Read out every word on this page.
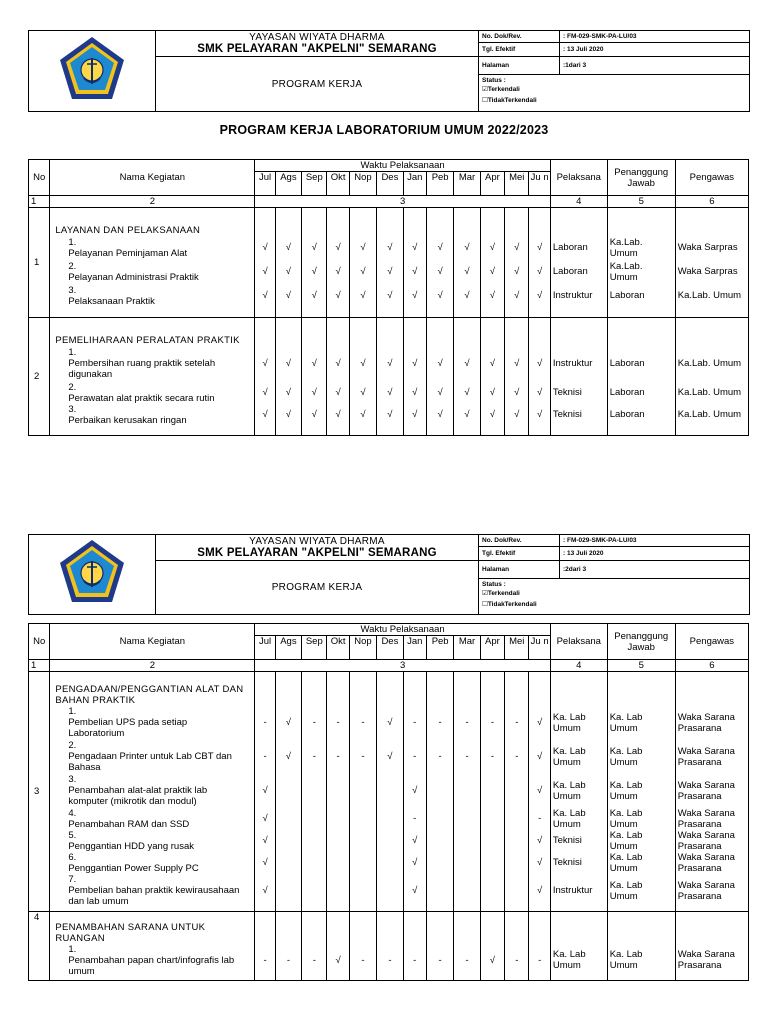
YAYASAN WIYATA DHARMA
SMK PELAYARAN "AKPELNI" SEMARANG	No. Dok/Rev.	: FM-029-SMK-PA-LU/03
		Tgl. Efektif	: 13 Juli 2020
	PROGRAM KERJA	Halaman	:1dari 3

		Status :
☑Terkendali
☐TidakTerkendali	
PROGRAM KERJA LABORATORIUM UMUM 2022/2023
No	Nama Kegiatan	Waktu Pelaksanaan												Pelaksana	Penanggung Jawab	Pengawas
		Jul	Ags	Sep	Okt	Nop	Des	Jan	Peb	Mar	Apr	Mei	Ju n			
1	2	3												4	5	6
1	LAYANAN DAN PELAKSANAAN															
	1.Pelayanan Peminjaman Alat	√	√	√	√	√	√	√	√	√	√	√	√	Laboran	Ka.Lab. Umum	Waka Sarpras
	2.Pelayanan Administrasi Praktik	√	√	√	√	√	√	√	√	√	√	√	√	Laboran	Ka.Lab. Umum	Waka Sarpras
	3.Pelaksanaan Praktik	√	√	√	√	√	√	√	√	√	√	√	√	Instruktur	Laboran	Ka.Lab. Umum

2	PEMELIHARAAN PERALATAN PRAKTIK															
	1.Pembersihan ruang praktik setelah digunakan	√	√	√	√	√	√	√	√	√	√	√	√	Instruktur	Laboran	Ka.Lab. Umum
	2.Perawatan alat praktik secara rutin	√	√	√	√	√	√	√	√	√	√	√	√	Teknisi	Laboran	Ka.Lab. Umum
	3.Perbaikan kerusakan ringan	√	√	√	√	√	√	√	√	√	√	√	√	Teknisi	Laboran	Ka.Lab. Umum

YAYASAN WIYATA DHARMA
SMK PELAYARAN "AKPELNI" SEMARANG	No. Dok/Rev.	: FM-029-SMK-PA-LU/03
		Tgl. Efektif	: 13 Juli 2020
	PROGRAM KERJA	Halaman	:2dari 3

		Status :
☑Terkendali
☐TidakTerkendali	
No	Nama Kegiatan	Waktu Pelaksanaan												Pelaksana	Penanggung Jawab	Pengawas
		Jul	Ags	Sep	Okt	Nop	Des	Jan	Peb	Mar	Apr	Mei	Ju n			
1	2	3												4	5	6
3	PENGADAAN/PENGGANTIAN ALAT DAN BAHAN PRAKTIK															
	1.Pembelian UPS pada setiap Laboratorium	-	√	-	-	-	√	-	-	-	-	-	√	Ka. Lab Umum	Ka. Lab Umum	Waka Sarana Prasarana
	2.Pengadaan Printer untuk Lab CBT dan Bahasa	-	√	-	-	-	√	-	-	-	-	-	√	Ka. Lab Umum	Ka. Lab Umum	Waka Sarana Prasarana
	3.Penambahan alat-alat praktik lab komputer (mikrotik dan modul)	√						√					√	Ka. Lab Umum	Ka. Lab Umum	Waka Sarana Prasarana
	4.Penambahan RAM dan SSD	√						-					-	Ka. Lab Umum	Ka. Lab Umum	Waka Sarana Prasarana
	5.Penggantian HDD yang rusak	√						√					√	Teknisi	Ka. Lab Umum	Waka Sarana Prasarana
	6.Penggantian Power Supply PC	√						√					√	Teknisi	Ka. Lab Umum	Waka Sarana Prasarana
	7.Pembelian bahan praktik kewirausahaan dan lab umum	√						√					√	Instruktur	Ka. Lab Umum	Waka Sarana Prasarana

4	PENAMBAHAN SARANA UNTUK RUANGAN															
	1.Penambahan papan chart/infografis lab umum	-	-	-	√	-	-	-	-	-	√	-	-	Ka. Lab Umum	Ka. Lab Umum	Waka Sarana Prasarana
